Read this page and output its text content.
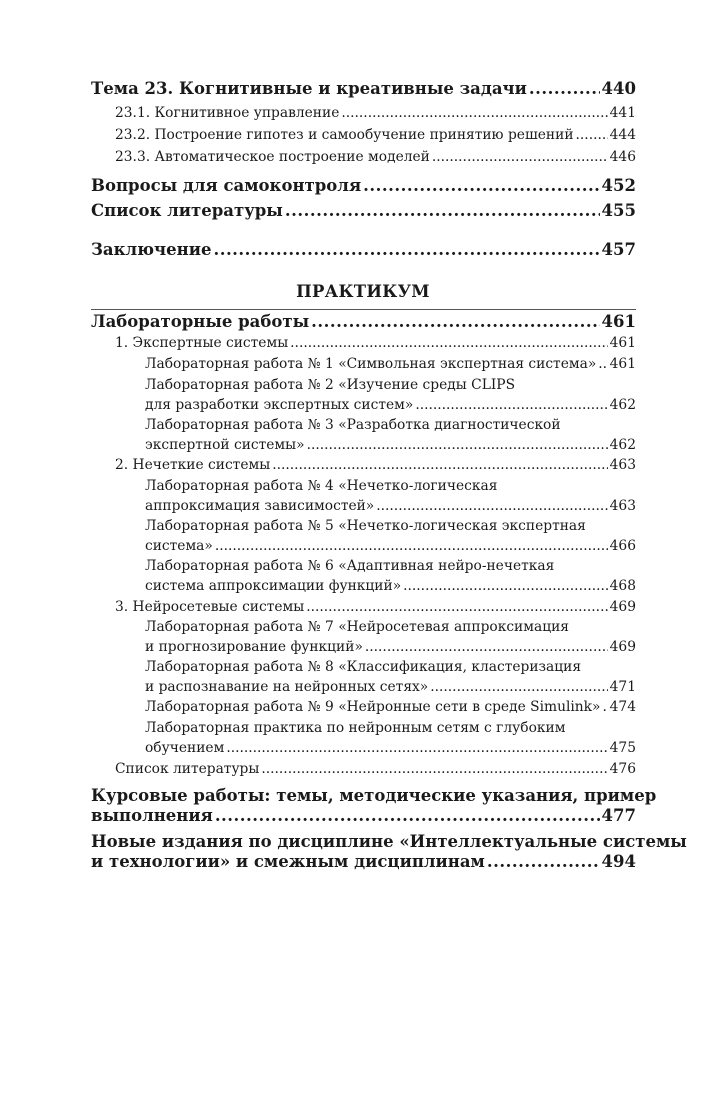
Тема 23. Когнитивные и креативные задачи .....	440
23.1. Когнитивное управление .....	441
23.2. Построение гипотез и самообучение принятию решений .....	444
23.3. Автоматическое построение моделей .....	446
Вопросы для самоконтроля .....	452
Список литературы .....	455
Заключение .....	457
ПРАКТИКУМ
Лабораторные работы .....	461
1. Экспертные системы .....	461
Лабораторная работа № 1 «Символьная экспертная система» ..... 461
Лабораторная работа № 2 «Изучение среды CLIPS
для разработки экспертных систем» .....	462
Лабораторная работа № 3 «Разработка диагностической
экспертной системы» .....	462
2. Нечеткие системы .....	463
Лабораторная работа № 4 «Нечетко-логическая
аппроксимация зависимостей» .....	463
Лабораторная работа № 5 «Нечетко-логическая экспертная
система» .....	466
Лабораторная работа № 6 «Адаптивная нейро-нечеткая
система аппроксимации функций» .....	468
3. Нейросетевые системы .....	469
Лабораторная работа № 7 «Нейросетевая аппроксимация
и прогнозирование функций» .....	469
Лабораторная работа № 8 «Классификация, кластеризация
и распознавание на нейронных сетях» .....	471
Лабораторная работа № 9 «Нейронные сети в среде Simulink» ..... 474
Лабораторная практика по нейронным сетям с глубоким
обучением .....	475
Список литературы .....	476
Курсовые работы: темы, методические указания, пример
выполнения .....	477
Новые издания по дисциплине «Интеллектуальные системы
и технологии» и смежным дисциплинам .....	494
